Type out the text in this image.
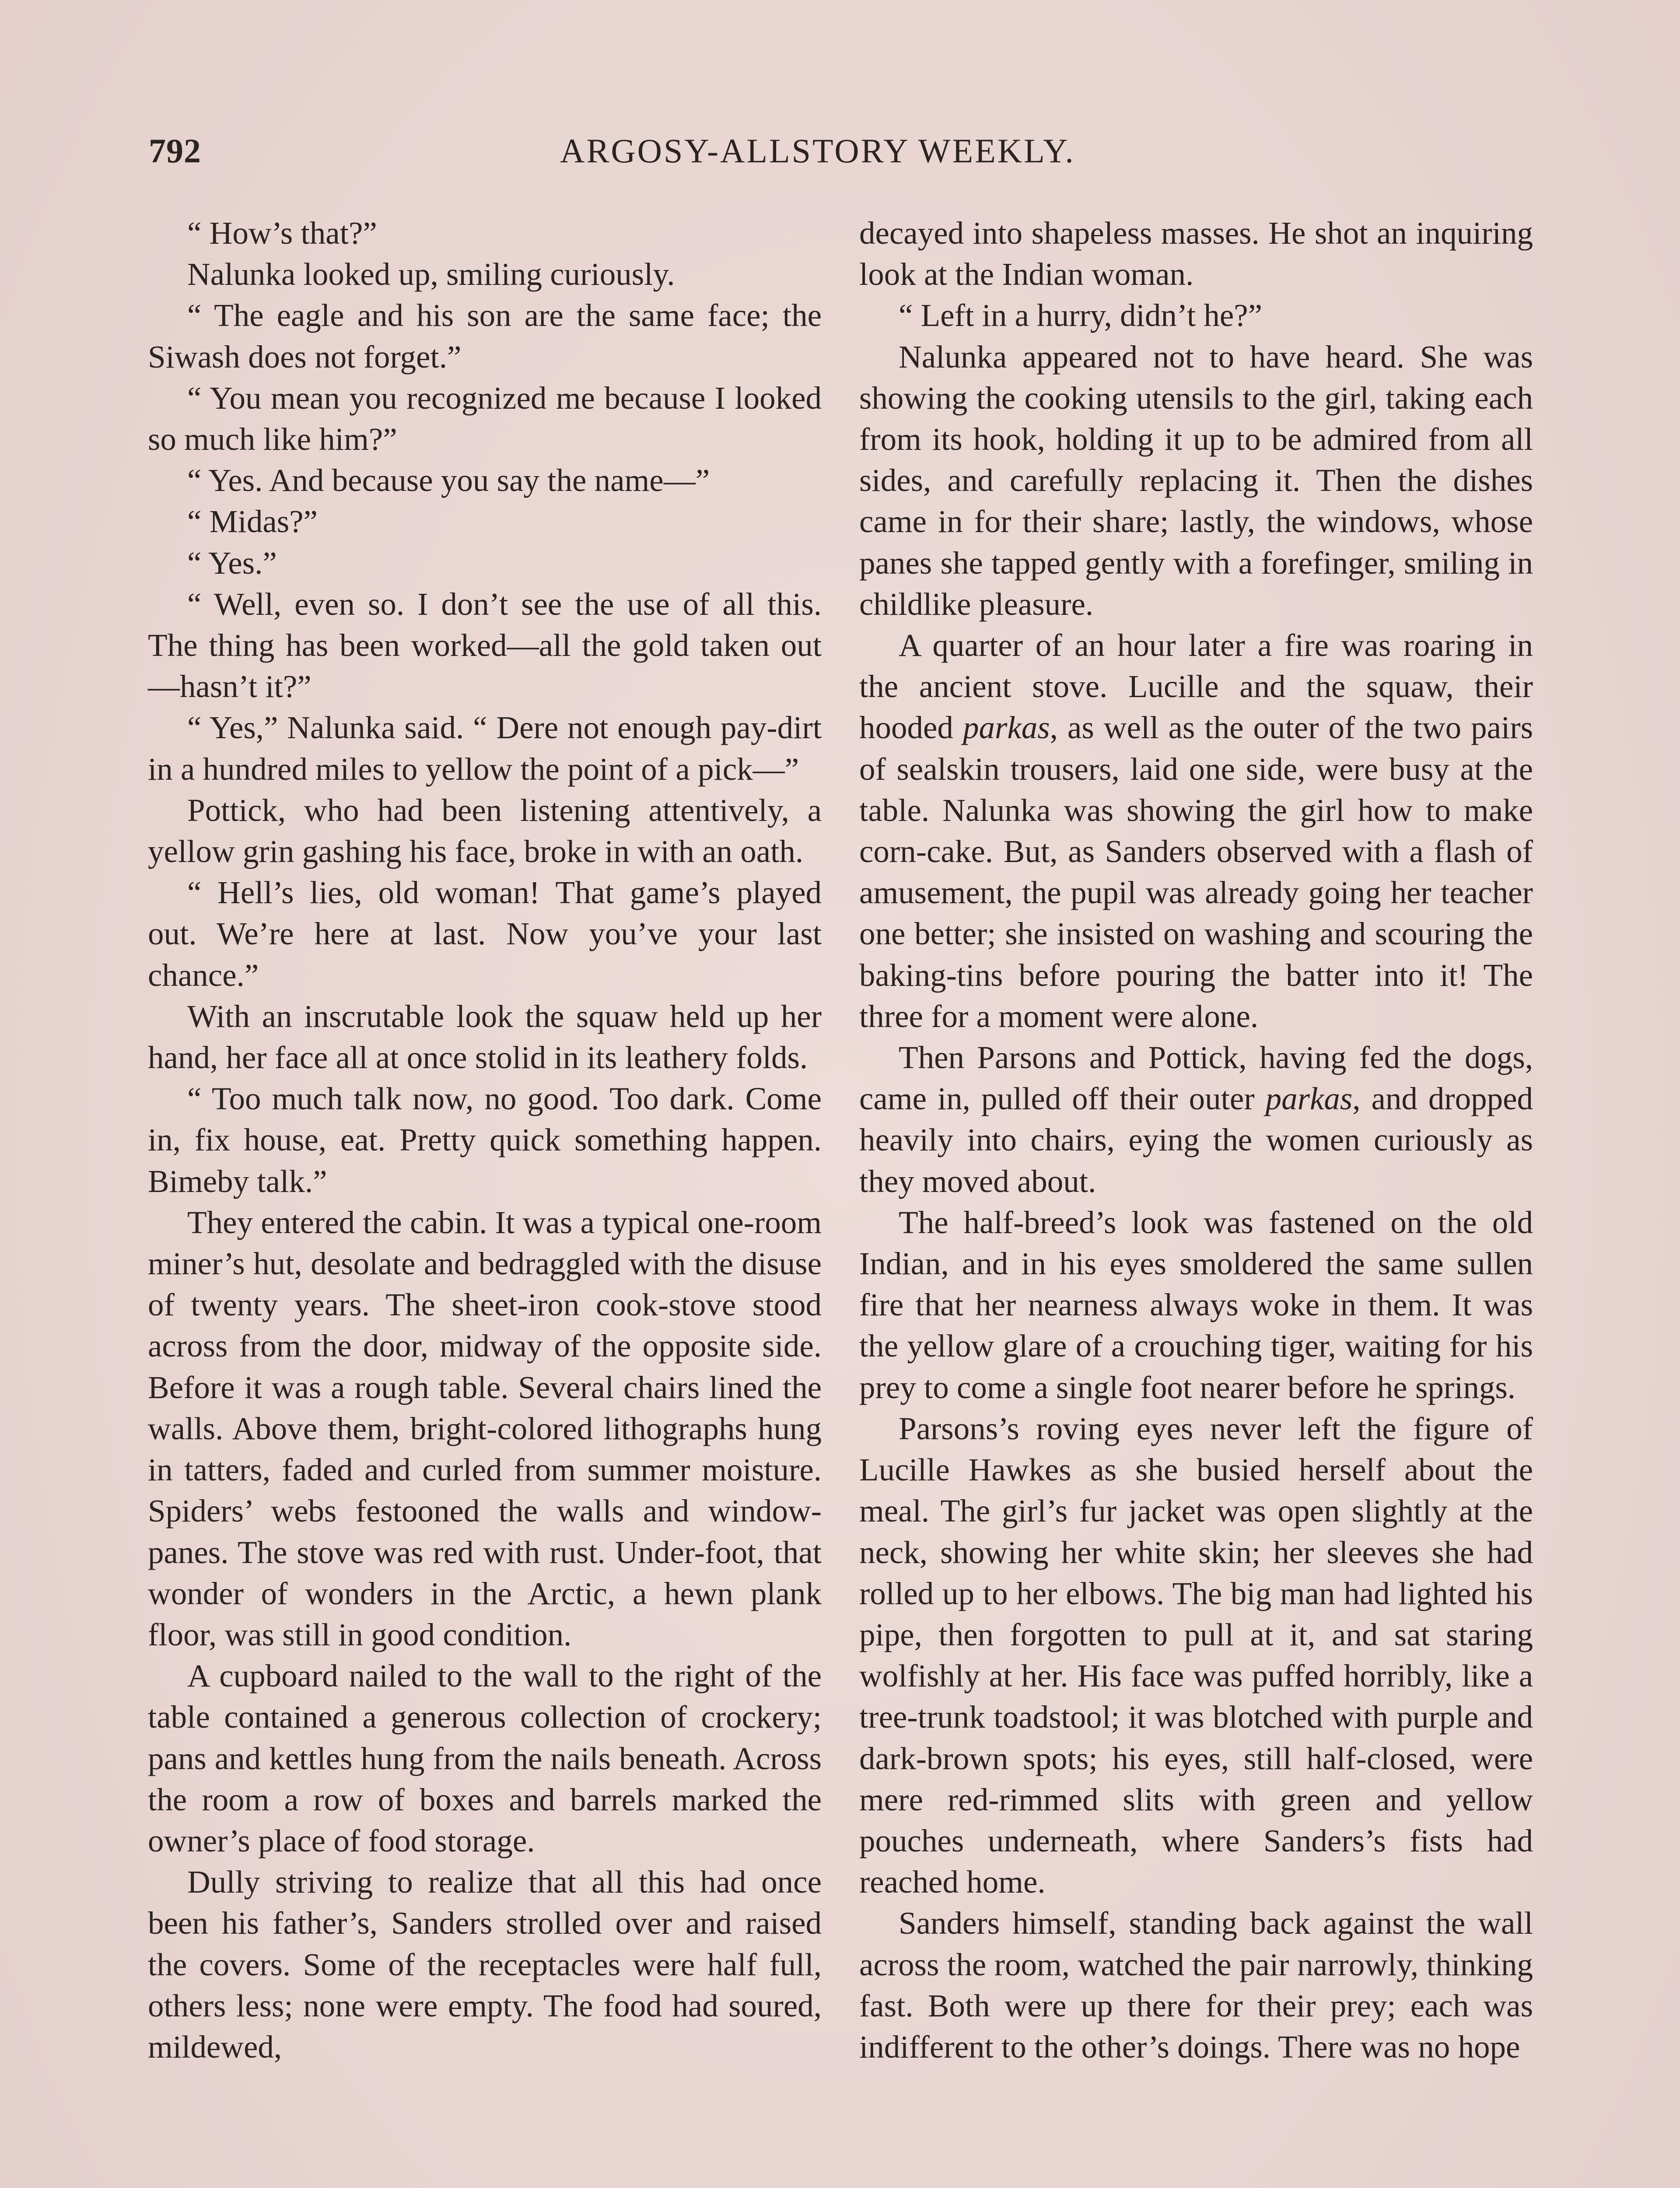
792	ARGOSY-ALLSTORY WEEKLY.

“ How’s that?”

Nalunka looked up, smiling curiously.

“ The eagle and his son are the same face; the Siwash does not forget.”

“ You mean you recognized me because I looked so much like him?”

“ Yes. And because you say the name—”

“ Midas?”

“ Yes.”

“ Well, even so. I don’t see the use of all this. The thing has been worked—all the gold taken out—hasn’t it?”

“ Yes,” Nalunka said. “ Dere not enough pay-dirt in a hundred miles to yellow the point of a pick—”

Pottick, who had been listening attentively, a yellow grin gashing his face, broke in with an oath.

“ Hell’s lies, old woman! That game’s played out. We’re here at last. Now you’ve your last chance.”

With an inscrutable look the squaw held up her hand, her face all at once stolid in its leathery folds.

“ Too much talk now, no good. Too dark. Come in, fix house, eat. Pretty quick something happen. Bimeby talk.”

They entered the cabin. It was a typical one-room miner’s hut, desolate and bedraggled with the disuse of twenty years. The sheet-iron cook-stove stood across from the door, midway of the opposite side. Before it was a rough table. Several chairs lined the walls. Above them, bright-colored lithographs hung in tatters, faded and curled from summer moisture. Spiders’ webs festooned the walls and window-panes. The stove was red with rust. Under-foot, that wonder of wonders in the Arctic, a hewn plank floor, was still in good condition.

A cupboard nailed to the wall to the right of the table contained a generous collection of crockery; pans and kettles hung from the nails beneath. Across the room a row of boxes and barrels marked the owner’s place of food storage.

Dully striving to realize that all this had once been his father’s, Sanders strolled over and raised the covers. Some of the receptacles were half full, others less; none were empty. The food had soured, mildewed,

decayed into shapeless masses. He shot an inquiring look at the Indian woman.

“ Left in a hurry, didn’t he?”

Nalunka appeared not to have heard. She was showing the cooking utensils to the girl, taking each from its hook, holding it up to be admired from all sides, and carefully replacing it. Then the dishes came in for their share; lastly, the windows, whose panes she tapped gently with a forefinger, smiling in childlike pleasure.

A quarter of an hour later a fire was roaring in the ancient stove. Lucille and the squaw, their hooded parkas, as well as the outer of the two pairs of sealskin trousers, laid one side, were busy at the table. Nalunka was showing the girl how to make corn-cake. But, as Sanders observed with a flash of amusement, the pupil was already going her teacher one better; she insisted on washing and scouring the baking-tins before pouring the batter into it! The three for a moment were alone.

Then Parsons and Pottick, having fed the dogs, came in, pulled off their outer parkas, and dropped heavily into chairs, eying the women curiously as they moved about.

The half-breed’s look was fastened on the old Indian, and in his eyes smoldered the same sullen fire that her nearness always woke in them. It was the yellow glare of a crouching tiger, waiting for his prey to come a single foot nearer before he springs.

Parsons’s roving eyes never left the figure of Lucille Hawkes as she busied herself about the meal. The girl’s fur jacket was open slightly at the neck, showing her white skin; her sleeves she had rolled up to her elbows. The big man had lighted his pipe, then forgotten to pull at it, and sat staring wolfishly at her. His face was puffed horribly, like a tree-trunk toadstool; it was blotched with purple and dark-brown spots; his eyes, still half-closed, were mere red-rimmed slits with green and yellow pouches underneath, where Sanders’s fists had reached home.

Sanders himself, standing back against the wall across the room, watched the pair narrowly, thinking fast. Both were up there for their prey; each was indifferent to the other’s doings. There was no hope
